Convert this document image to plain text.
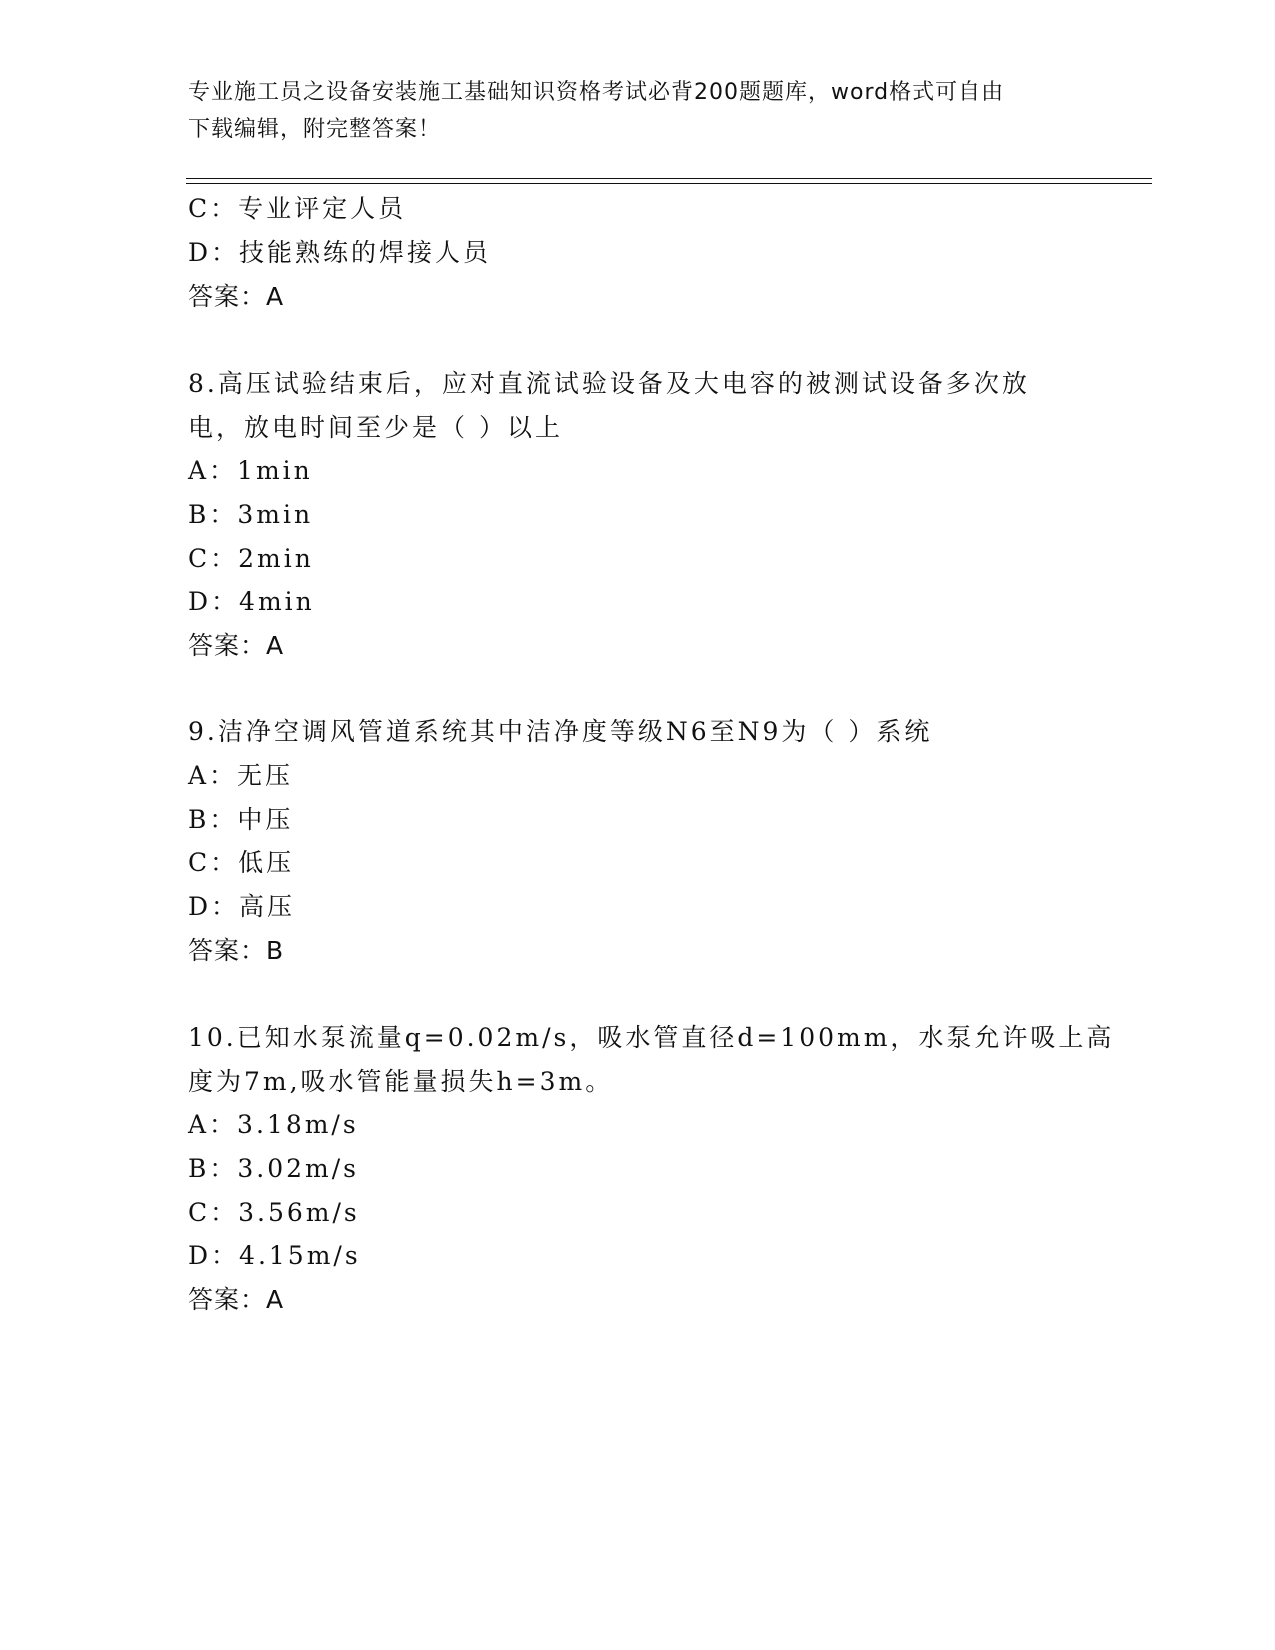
专业施工员之设备安装施工基础知识资格考试必背200题题库，word格式可自由
下载编辑，附完整答案！
C：专业评定人员
D：技能熟练的焊接人员
答案：A
8.高压试验结束后，应对直流试验设备及大电容的被测试设备多次放
电，放电时间至少是（ ）以上
A：1min
B：3min
C：2min
D：4min
答案：A
9.洁净空调风管道系统其中洁净度等级N6至N9为（ ）系统
A：无压
B：中压
C：低压
D：高压
答案：B
10.已知水泵流量q=0.02m/s，吸水管直径d=100mm，水泵允许吸上高
度为7m,吸水管能量损失h=3m。
A：3.18m/s
B：3.02m/s
C：3.56m/s
D：4.15m/s
答案：A
